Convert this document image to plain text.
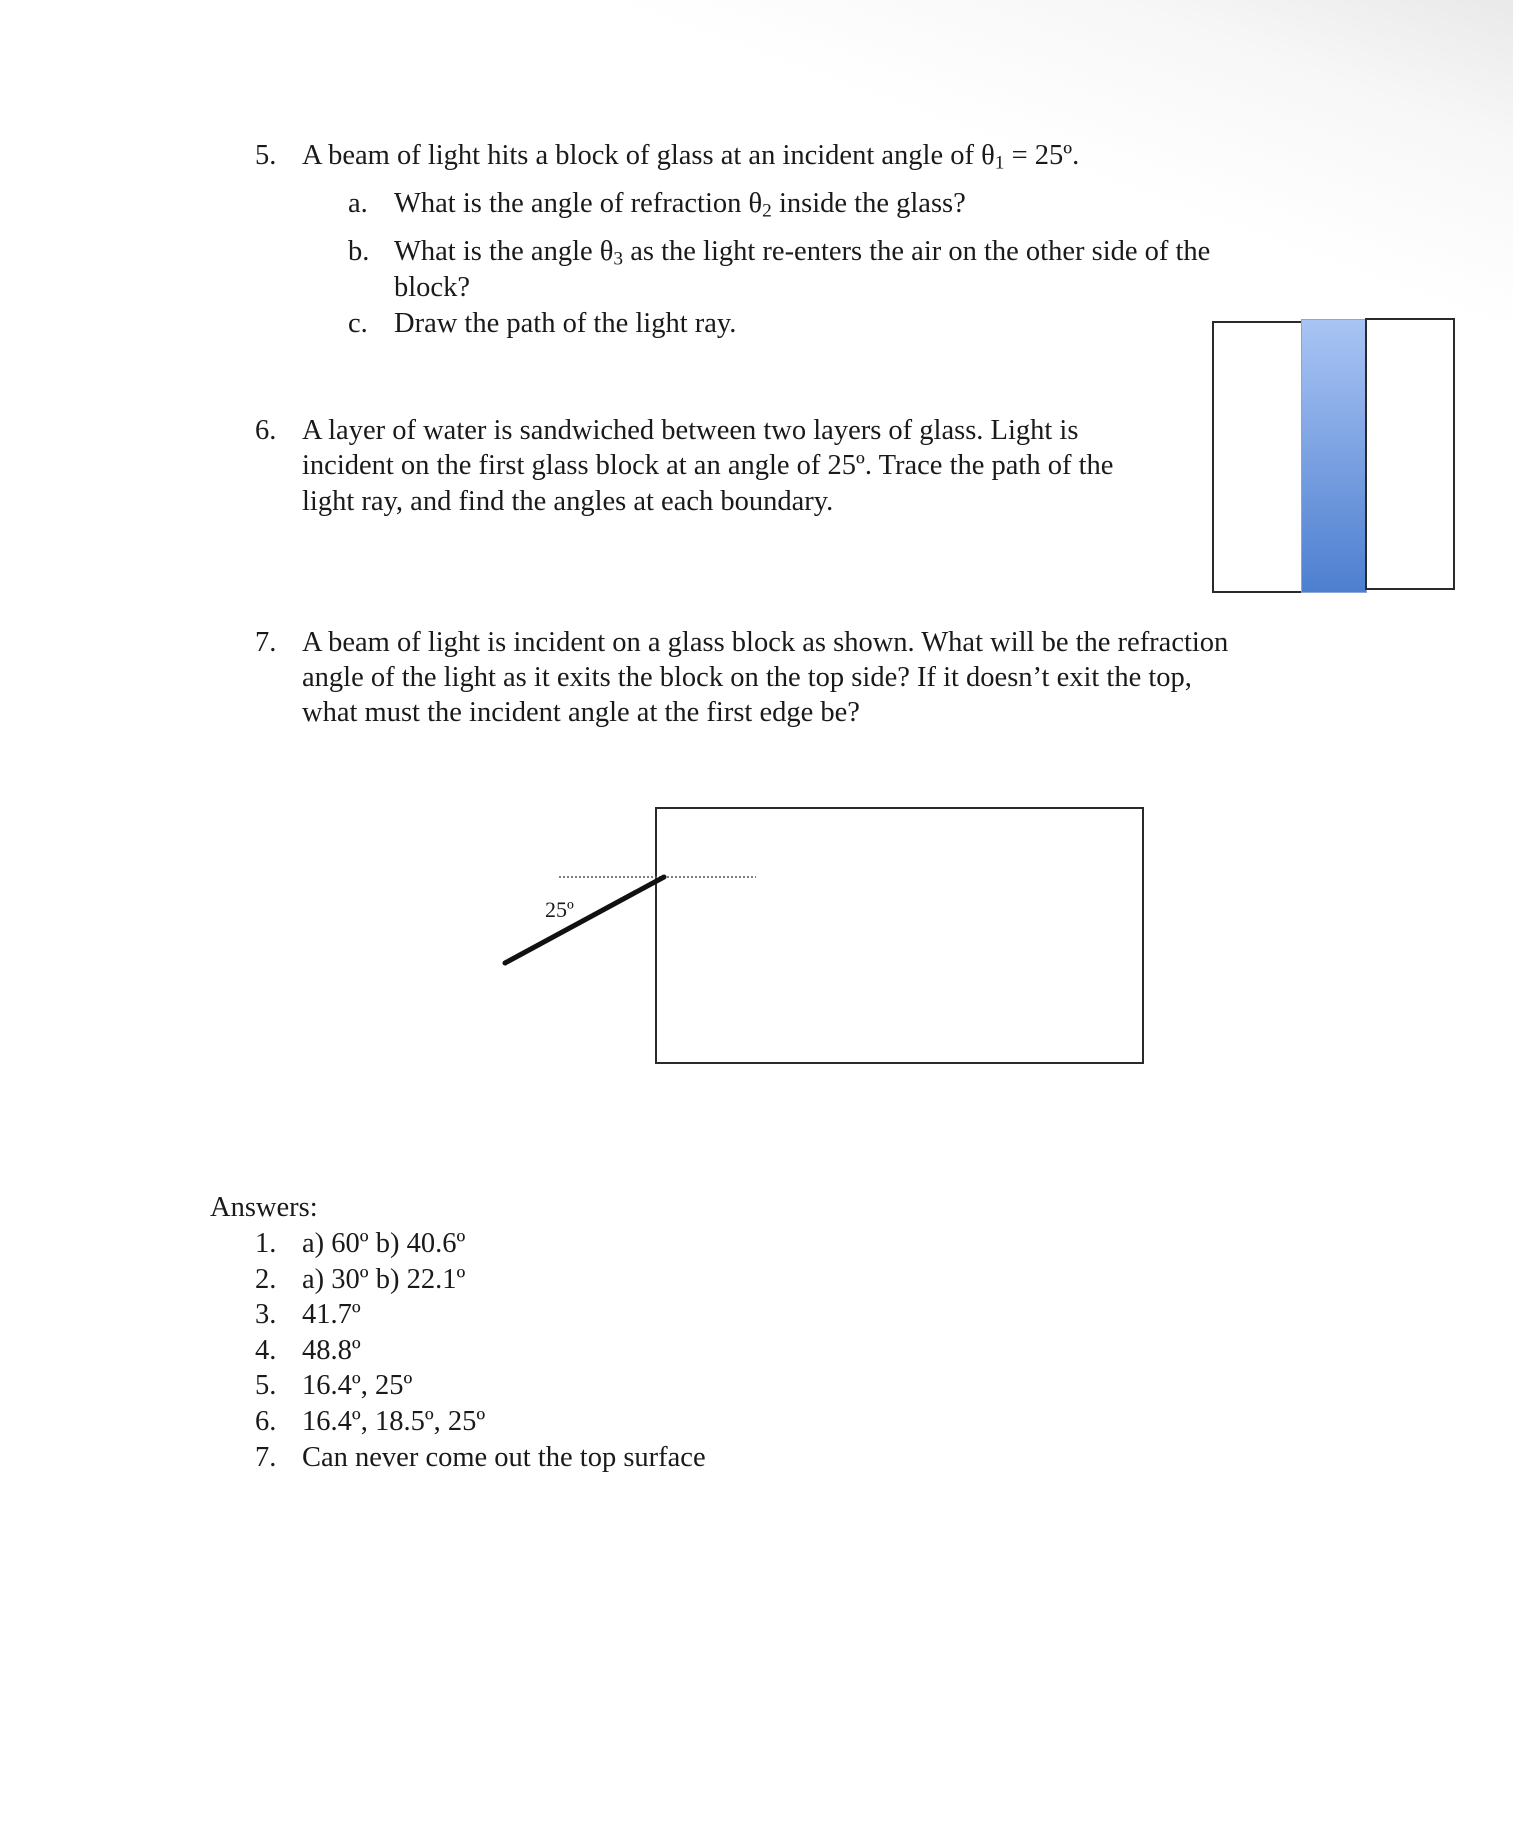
5. A beam of light hits a block of glass at an incident angle of $\theta_1$ = 25º.
a. What is the angle of refraction $\theta_2$ inside the glass?
b. What is the angle $\theta_3$ as the light re-enters the air on the other side of the
block?
c. Draw the path of the light ray.
6. A layer of water is sandwiched between two layers of glass. Light is
incident on the first glass block at an angle of 25º. Trace the path of the
light ray, and find the angles at each boundary.
7. A beam of light is incident on a glass block as shown. What will be the refraction
angle of the light as it exits the block on the top side? If it doesn’t exit the top,
what must the incident angle at the first edge be?
25º
Answers:
1. a) 60º b) 40.6º
2. a) 30º b) 22.1º
3. 41.7º
4. 48.8º
5. 16.4º, 25º
6. 16.4º, 18.5º, 25º
7. Can never come out the top surface
